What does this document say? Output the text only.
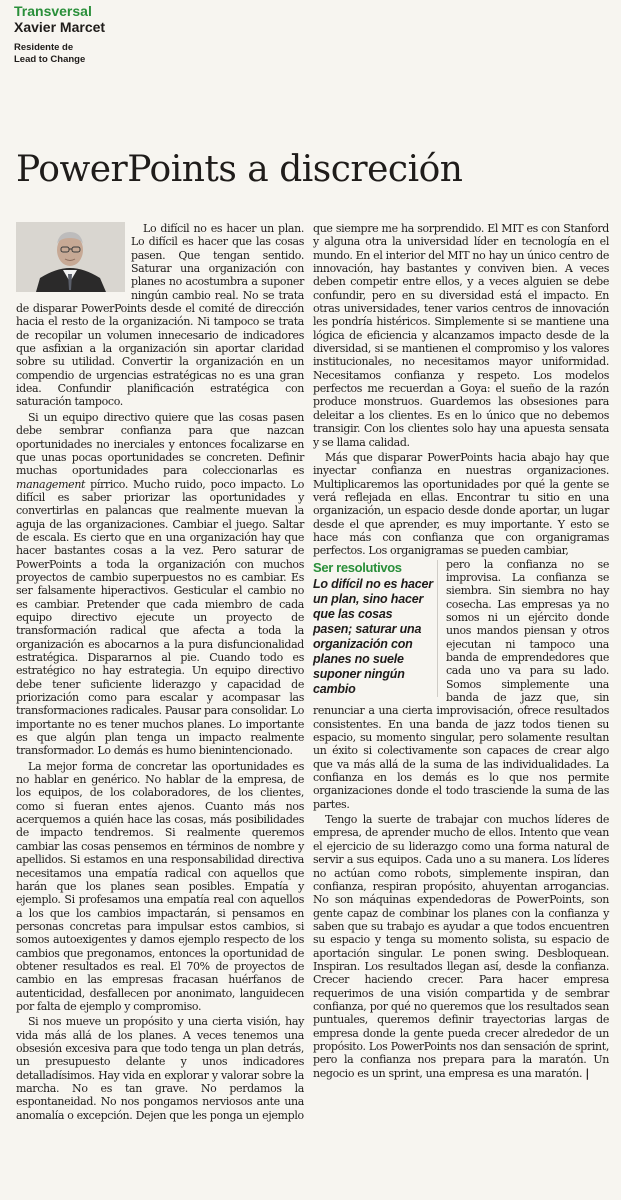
Transversal
Xavier Marcet
Residente de
Lead to Change
PowerPoints a discreción

Lo difícil no es hacer un plan. Lo difícil es hacer que las cosas pasen. Que tengan sentido. Saturar una organización con planes no acostumbra a suponer ningún cambio real. No se trata de disparar PowerPoints desde el comité de dirección hacia el resto de la organización. Ni tampoco se trata de recopilar un volumen innecesario de indicadores que asfixian a la organización sin aportar claridad sobre su utilidad. Convertir la organización en un compendio de urgencias estratégicas no es una gran idea. Confundir planificación estratégica con saturación tampoco.

Si un equipo directivo quiere que las cosas pasen debe sembrar confianza para que nazcan oportunidades no inerciales y entonces focalizarse en que unas pocas oportunidades se concreten. Definir muchas oportunidades para coleccionarlas es management pírrico. Mucho ruido, poco impacto. Lo difícil es saber priorizar las oportunidades y convertirlas en palancas que realmente muevan la aguja de las organizaciones. Cambiar el juego. Saltar de escala. Es cierto que en una organización hay que hacer bastantes cosas a la vez. Pero saturar de PowerPoints a toda la organización con muchos proyectos de cambio superpuestos no es cambiar. Es ser falsamente hiperactivos. Gesticular el cambio no es cambiar. Pretender que cada miembro de cada equipo directivo ejecute un proyecto de transformación radical que afecta a toda la organización es abocarnos a la pura disfuncionalidad estratégica. Dispararnos al pie. Cuando todo es estratégico no hay estrategia. Un equipo directivo debe tener suficiente liderazgo y capacidad de priorización como para escalar y acompasar las transformaciones radicales. Pausar para consolidar. Lo importante no es tener muchos planes. Lo importante es que algún plan tenga un impacto realmente transformador. Lo demás es humo bienintencionado.

La mejor forma de concretar las oportunidades es no hablar en genérico. No hablar de la empresa, de los equipos, de los colaboradores, de los clientes, como si fueran entes ajenos. Cuanto más nos acerquemos a quién hace las cosas, más posibilidades de impacto tendremos. Si realmente queremos cambiar las cosas pensemos en términos de nombre y apellidos. Si estamos en una responsabilidad directiva necesitamos una empatía radical con aquellos que harán que los planes sean posibles. Empatía y ejemplo. Si profesamos una empatía real con aquellos a los que los cambios impactarán, si pensamos en personas concretas para impulsar estos cambios, si somos autoexigentes y damos ejemplo respecto de los cambios que pregonamos, entonces la oportunidad de obtener resultados es real. El 70% de proyectos de cambio en las empresas fracasan huérfanos de autenticidad, desfallecen por anonimato, languidecen por falta de ejemplo y compromiso.

Si nos mueve un propósito y una cierta visión, hay vida más allá de los planes. A veces tenemos una obsesión excesiva para que todo tenga un plan detrás, un presupuesto delante y unos indicadores detalladísimos. Hay vida en explorar y valorar sobre la marcha. No es tan grave. No perdamos la espontaneidad. No nos pongamos nerviosos ante una anomalía o excepción. Dejen que les ponga un ejemplo

que siempre me ha sorprendido. El MIT es con Stanford y alguna otra la universidad líder en tecnología en el mundo. En el interior del MIT no hay un único centro de innovación, hay bastantes y conviven bien. A veces deben competir entre ellos, y a veces alguien se debe confundir, pero en su diversidad está el impacto. En otras universidades, tener varios centros de innovación les pondría histéricos. Simplemente si se mantiene una lógica de eficiencia y alcanzamos impacto desde de la diversidad, si se mantienen el compromiso y los valores institucionales, no necesitamos mayor uniformidad. Necesitamos confianza y respeto. Los modelos perfectos me recuerdan a Goya: el sueño de la razón produce monstruos. Guardemos las obsesiones para deleitar a los clientes. Es en lo único que no debemos transigir. Con los clientes solo hay una apuesta sensata y se llama calidad.

Más que disparar PowerPoints hacia abajo hay que inyectar confianza en nuestras organizaciones. Multiplicaremos las oportunidades por qué la gente se verá reflejada en ellas. Encontrar tu sitio en una organización, un espacio desde donde aportar, un lugar desde el que aprender, es muy importante. Y esto se hace más con confianza que con organigramas perfectos. Los organigramas se pueden cambiar,

Ser resolutivos
Lo difícil no es hacer un plan, sino hacer que las cosas pasen; saturar una organización con planes no suele suponer ningún cambio

pero la confianza no se improvisa. La confianza se siembra. Sin siembra no hay cosecha. Las empresas ya no somos ni un ejército donde unos mandos piensan y otros ejecutan ni tampoco una banda de emprendedores que cada uno va para su lado. Somos simplemente una banda de jazz que, sin renunciar a una cierta improvisación, ofrece resultados consistentes. En una banda de jazz todos tienen su espacio, su momento singular, pero solamente resultan un éxito si colectivamente son capaces de crear algo que va más allá de la suma de las individualidades. La confianza en los demás es lo que nos permite organizaciones donde el todo trasciende la suma de las partes.

Tengo la suerte de trabajar con muchos líderes de empresa, de aprender mucho de ellos. Intento que vean el ejercicio de su liderazgo como una forma natural de servir a sus equipos. Cada uno a su manera. Los líderes no actúan como robots, simplemente inspiran, dan confianza, respiran propósito, ahuyentan arrogancias. No son máquinas expendedoras de PowerPoints, son gente capaz de combinar los planes con la confianza y saben que su trabajo es ayudar a que todos encuentren su espacio y tenga su momento solista, su espacio de aportación singular. Le ponen swing. Desbloquean. Inspiran. Los resultados llegan así, desde la confianza. Crecer haciendo crecer. Para hacer empresa requerimos de una visión compartida y de sembrar confianza, por qué no queremos que los resultados sean puntuales, queremos definir trayectorias largas de empresa donde la gente pueda crecer alrededor de un propósito. Los PowerPoints nos dan sensación de sprint, pero la confianza nos prepara para la maratón. Un negocio es un sprint, una empresa es una maratón. |
